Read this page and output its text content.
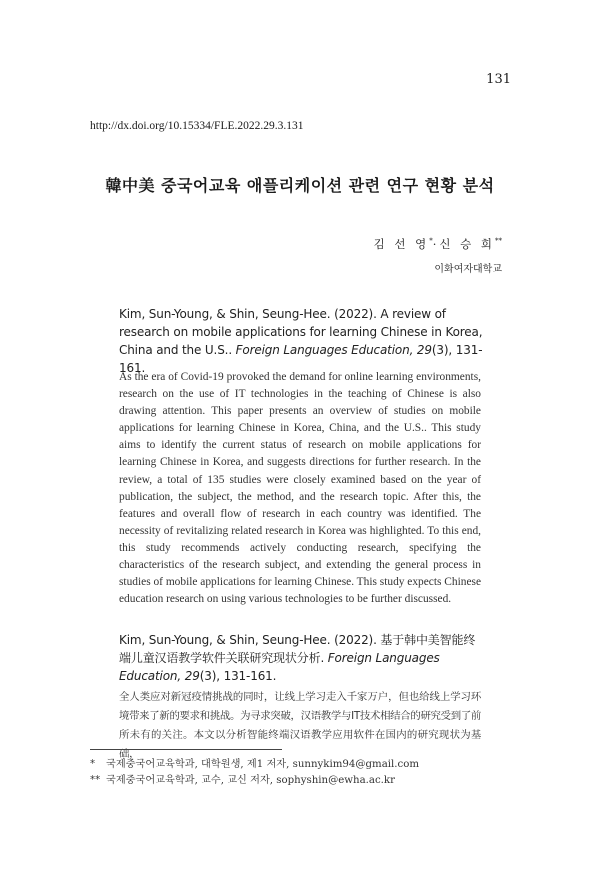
131
http://dx.doi.org/10.15334/FLE.2022.29.3.131
韓中美 중국어교육 애플리케이션 관련 연구 현황 분석
김 선 영*·신 승 희**
이화여자대학교
Kim, Sun-Young, & Shin, Seung-Hee. (2022). A review of research on mobile applications for learning Chinese in Korea, China and the U.S.. Foreign Languages Education, 29(3), 131-161.
As the era of Covid-19 provoked the demand for online learning environments, research on the use of IT technologies in the teaching of Chinese is also drawing attention. This paper presents an overview of studies on mobile applications for learning Chinese in Korea, China, and the U.S.. This study aims to identify the current status of research on mobile applications for learning Chinese in Korea, and suggests directions for further research. In the review, a total of 135 studies were closely examined based on the year of publication, the subject, the method, and the research topic. After this, the features and overall flow of research in each country was identified. The necessity of revitalizing related research in Korea was highlighted. To this end, this study recommends actively conducting research, specifying the characteristics of the research subject, and extending the general process in studies of mobile applications for learning Chinese. This study expects Chinese education research on using various technologies to be further discussed.
Kim, Sun-Young, & Shin, Seung-Hee. (2022). 基于韩中美智能终端儿童汉语教学软件关联研究现状分析. Foreign Languages Education, 29(3), 131-161.
全人类应对新冠疫情挑战的同时，让线上学习走入千家万户，但也给线上学习环境带来了新的要求和挑战。为寻求突破，汉语教学与IT技术相结合的研究受到了前所未有的关注。本文以分析智能终端汉语教学应用软件在国内的研究现状为基础，
* 국제중국어교육학과, 대학원생, 제1 저자, sunnykim94@gmail.com
** 국제중국어교육학과, 교수, 교신 저자, sophyshin@ewha.ac.kr
